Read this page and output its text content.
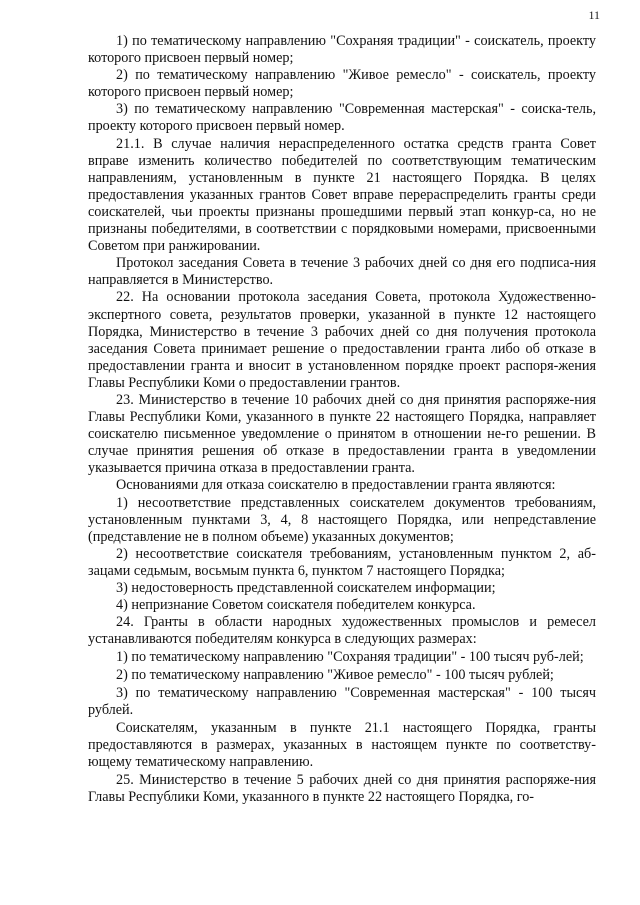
11

1) по тематическому направлению "Сохраняя традиции" - соискатель, проекту которого присвоен первый номер;

2) по тематическому направлению "Живое ремесло" - соискатель, проекту которого присвоен первый номер;

3) по тематическому направлению "Современная мастерская" - соиска-тель, проекту которого присвоен первый номер.

21.1. В случае наличия нераспределенного остатка средств гранта Совет вправе изменить количество победителей по соответствующим тематическим направлениям, установленным в пункте 21 настоящего Порядка. В целях предоставления указанных грантов Совет вправе перераспределить гранты среди соискателей, чьи проекты признаны прошедшими первый этап конкур-са, но не признаны победителями, в соответствии с порядковыми номерами, присвоенными Советом при ранжировании.

Протокол заседания Совета в течение 3 рабочих дней со дня его подписа-ния направляется в Министерство.

22. На основании протокола заседания Совета, протокола Художественно-экспертного совета, результатов проверки, указанной в пункте 12 настоящего Порядка, Министерство в течение 3 рабочих дней со дня получения протокола заседания Совета принимает решение о предоставлении гранта либо об отказе в предоставлении гранта и вносит в установленном порядке проект распоря-жения Главы Республики Коми о предоставлении грантов.

23. Министерство в течение 10 рабочих дней со дня принятия распоряже-ния Главы Республики Коми, указанного в пункте 22 настоящего Порядка, направляет соискателю письменное уведомление о принятом в отношении не-го решении. В случае принятия решения об отказе в предоставлении гранта в уведомлении указывается причина отказа в предоставлении гранта.

Основаниями для отказа соискателю в предоставлении гранта являются:

1) несоответствие представленных соискателем документов требованиям, установленным пунктами 3, 4, 8 настоящего Порядка, или непредставление (представление не в полном объеме) указанных документов;

2) несоответствие соискателя требованиям, установленным пунктом 2, аб-зацами седьмым, восьмым пункта 6, пунктом 7 настоящего Порядка;

3) недостоверность представленной соискателем информации;

4) непризнание Советом соискателя победителем конкурса.

24. Гранты в области народных художественных промыслов и ремесел устанавливаются победителям конкурса в следующих размерах:

1) по тематическому направлению "Сохраняя традиции" - 100 тысяч руб-лей;

2) по тематическому направлению "Живое ремесло" - 100 тысяч рублей;

3) по тематическому направлению "Современная мастерская" - 100 тысяч рублей.

Соискателям, указанным в пункте 21.1 настоящего Порядка, гранты предоставляются в размерах, указанных в настоящем пункте по соответству-ющему тематическому направлению.

25. Министерство в течение 5 рабочих дней со дня принятия распоряже-ния Главы Республики Коми, указанного в пункте 22 настоящего Порядка, го-
